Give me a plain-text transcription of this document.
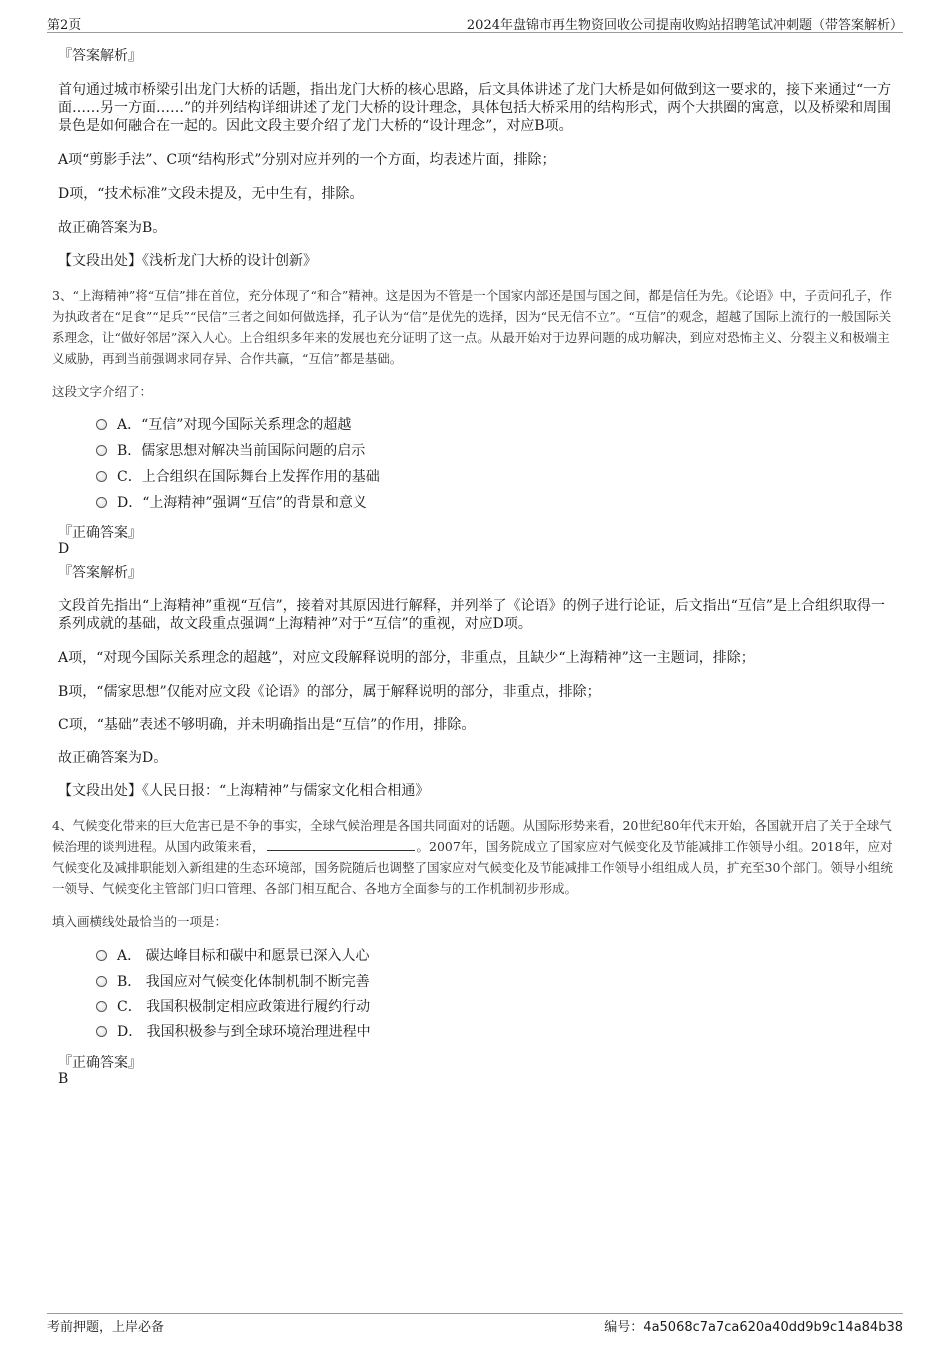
第2页	2024年盘锦市再生物资回收公司提南收购站招聘笔试冲刺题（带答案解析）
『答案解析』

首句通过城市桥梁引出龙门大桥的话题，指出龙门大桥的核心思路，后文具体讲述了龙门大桥是如何做到这一要求的，接下来通过“一方面……另一方面……”的并列结构详细讲述了龙门大桥的设计理念，具体包括大桥采用的结构形式，两个大拱圈的寓意，以及桥梁和周围景色是如何融合在一起的。因此文段主要介绍了龙门大桥的“设计理念”，对应B项。

A项“剪影手法”、C项“结构形式”分别对应并列的一个方面，均表述片面，排除；

D项，“技术标准”文段未提及，无中生有，排除。

故正确答案为B。

【文段出处】《浅析龙门大桥的设计创新》

3、“上海精神”将“互信”排在首位，充分体现了“和合”精神。这是因为不管是一个国家内部还是国与国之间，都是信任为先。《论语》中，子贡问孔子，作为执政者在“足食”“足兵”“民信”三者之间如何做选择，孔子认为“信”是优先的选择，因为“民无信不立”。“互信”的观念，超越了国际上流行的一般国际关系理念，让“做好邻居”深入人心。上合组织多年来的发展也充分证明了这一点。从最开始对于边界问题的成功解决，到应对恐怖主义、分裂主义和极端主义威胁，再到当前强调求同存异、合作共赢，“互信”都是基础。
这段文字介绍了：
A．“互信”对现今国际关系理念的超越
B．儒家思想对解决当前国际问题的启示
C．上合组织在国际舞台上发挥作用的基础
D．“上海精神”强调“互信”的背景和意义
『正确答案』
D
『答案解析』

文段首先指出“上海精神”重视“互信”，接着对其原因进行解释，并列举了《论语》的例子进行论证，后文指出“互信”是上合组织取得一系列成就的基础，故文段重点强调“上海精神”对于“互信”的重视，对应D项。

A项，“对现今国际关系理念的超越”，对应文段解释说明的部分，非重点，且缺少“上海精神”这一主题词，排除；

B项，“儒家思想”仅能对应文段《论语》的部分，属于解释说明的部分，非重点，排除；

C项，“基础”表述不够明确，并未明确指出是“互信”的作用，排除。

故正确答案为D。

【文段出处】《人民日报：“上海精神”与儒家文化相合相通》

4、气候变化带来的巨大危害已是不争的事实，全球气候治理是各国共同面对的话题。从国际形势来看，20世纪80年代末开始，各国就开启了关于全球气候治理的谈判进程。从国内政策来看，	。2007年，国务院成立了国家应对气候变化及节能减排工作领导小组。2018年，应对气候变化及减排职能划入新组建的生态环境部，国务院随后也调整了国家应对气候变化及节能减排工作领导小组组成人员，扩充至30个部门。领导小组统一领导、气候变化主管部门归口管理、各部门相互配合、各地方全面参与的工作机制初步形成。
填入画横线处最恰当的一项是：
A． 碳达峰目标和碳中和愿景已深入人心
B． 我国应对气候变化体制机制不断完善
C． 我国积极制定相应政策进行履约行动
D． 我国积极参与到全球环境治理进程中
『正确答案』
B
考前押题，上岸必备	编号：4a5068c7a7ca620a40dd9b9c14a84b38
